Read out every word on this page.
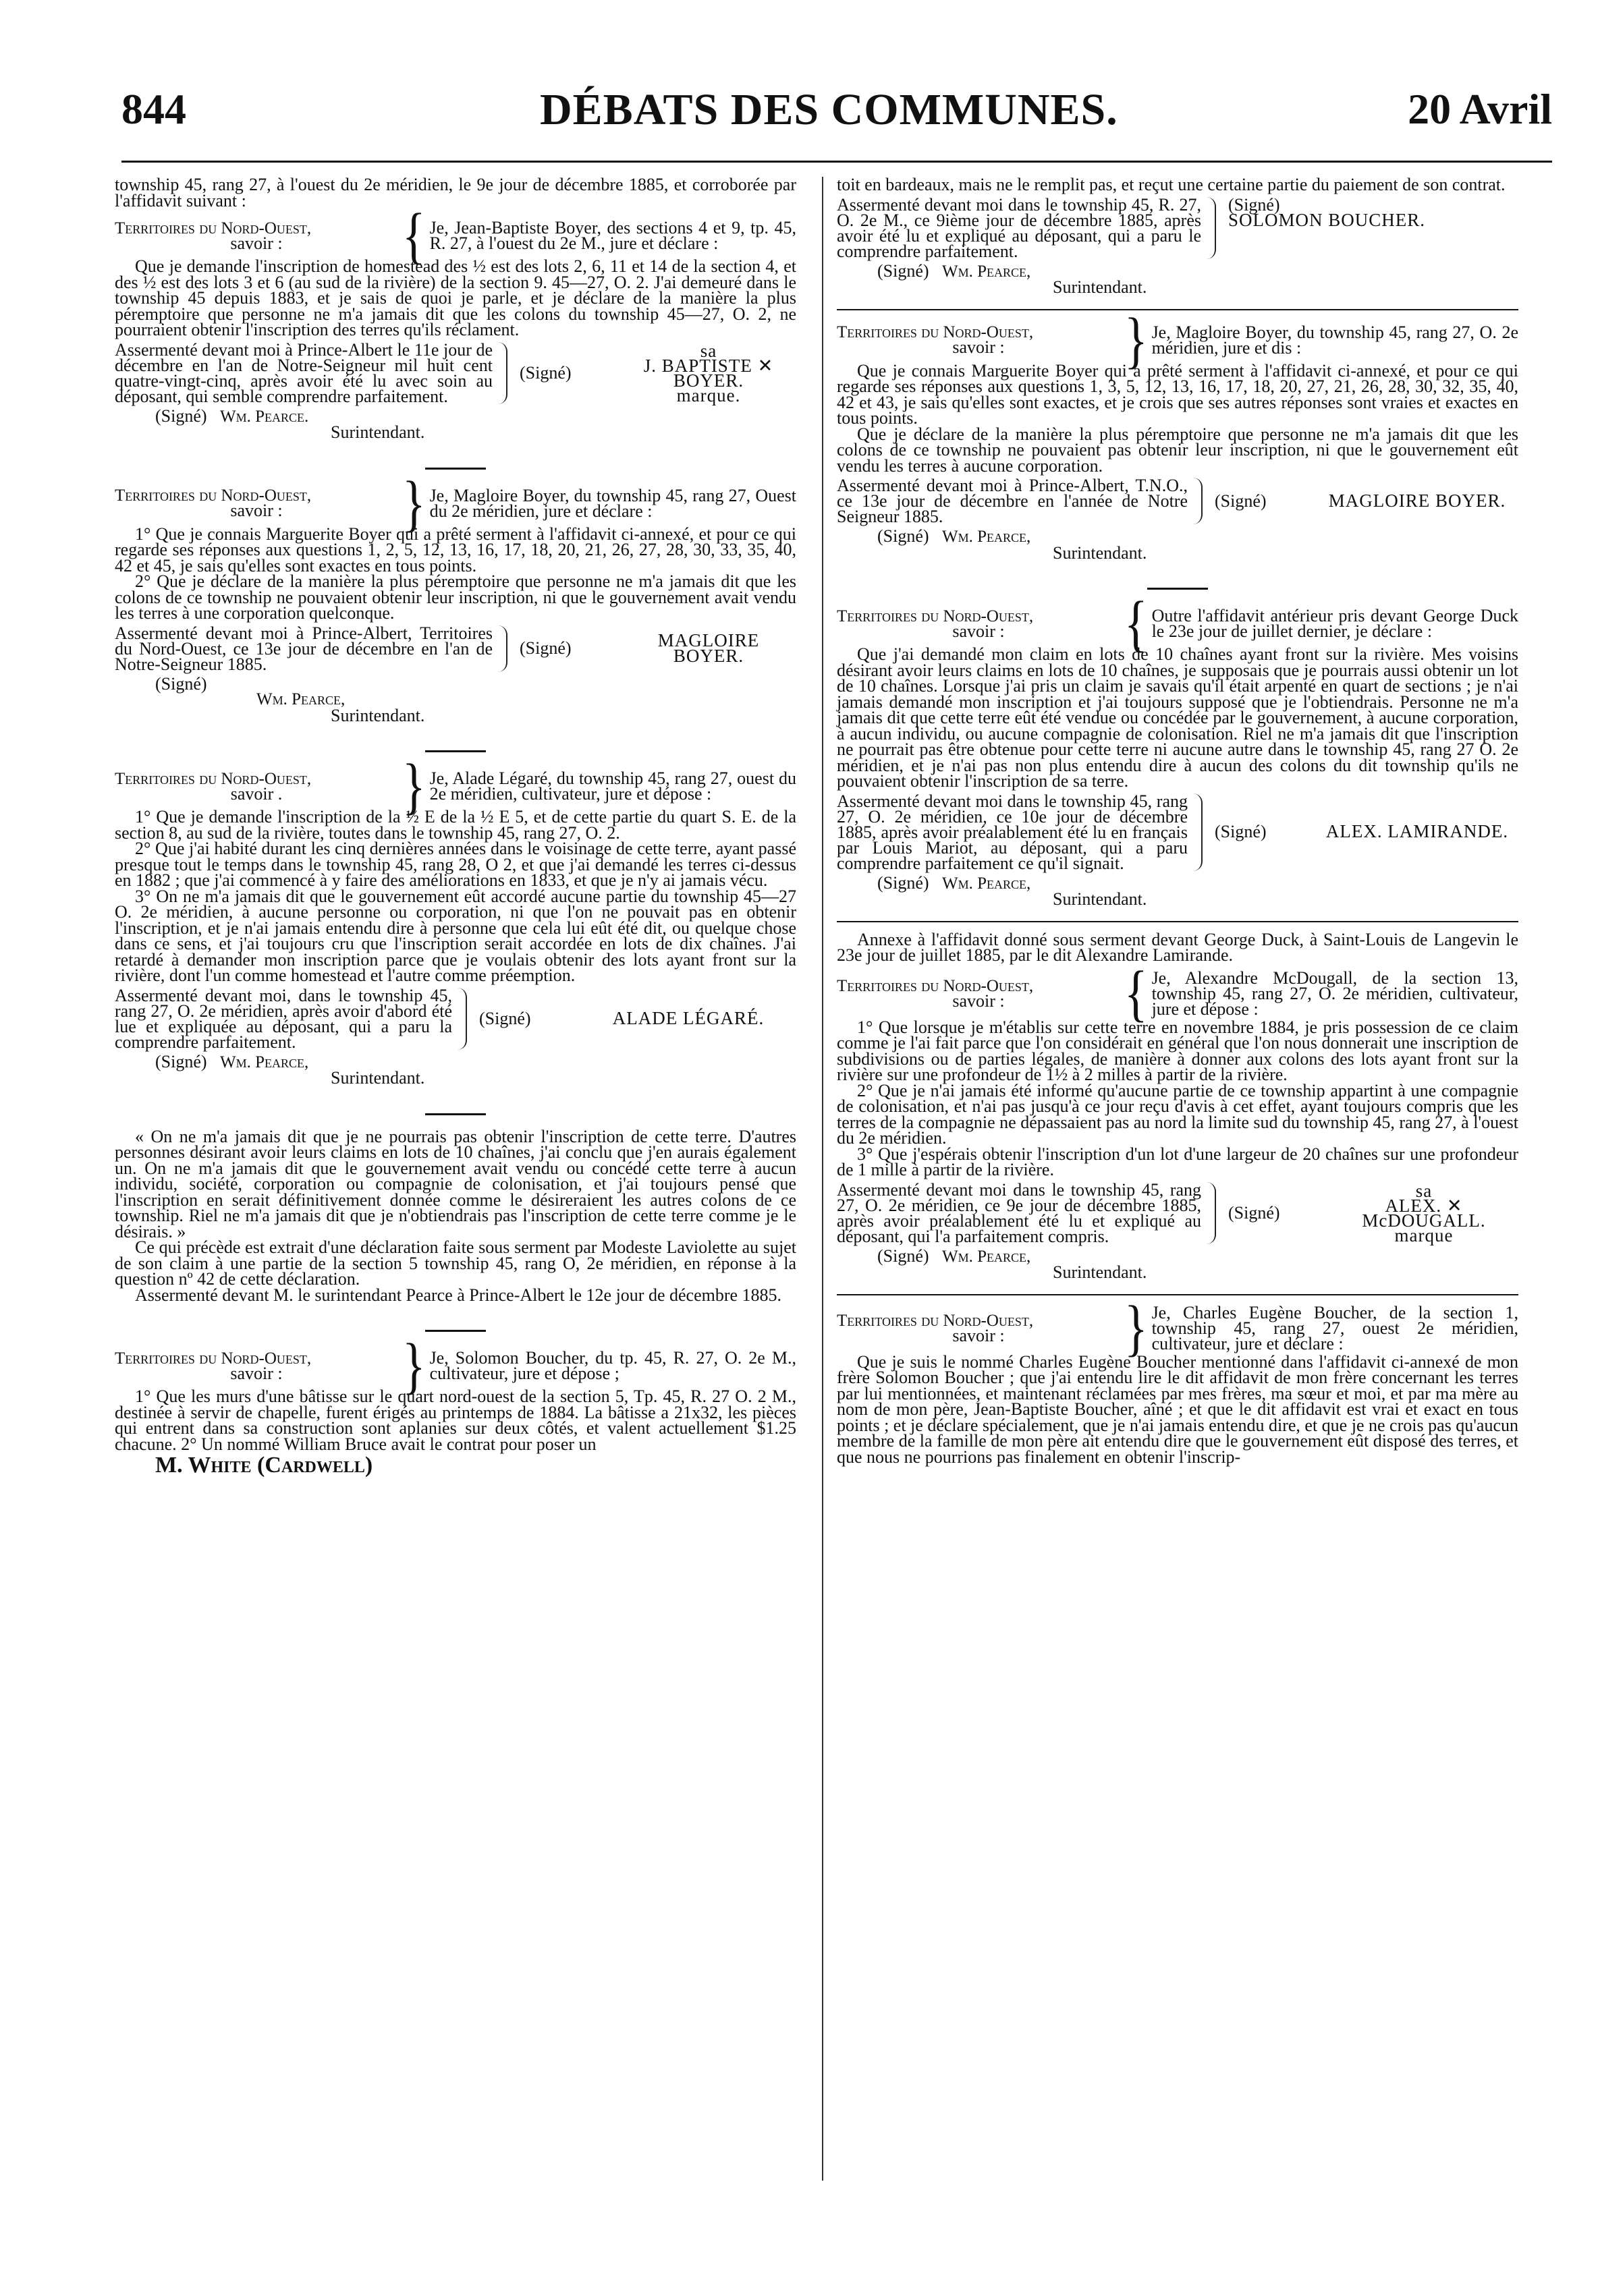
844	DÉBATS DES COMMUNES.	20 Avril

township 45, rang 27, à l'ouest du 2e méridien, le 9e jour de décembre 1885, et corroborée par l'affidavit suivant :

Territoires du Nord-Ouest,
savoir :	{ Je, Jean-Baptiste Boyer, des sections 4 et 9, tp. 45, R. 27, à l'ouest du 2e M., jure et déclare :

Que je demande l'inscription de homestead des ½ est des lots 2, 6, 11 et 14 de la section 4, et des ½ est des lots 3 et 6 (au sud de la rivière) de la section 9. 45—27, O. 2. J'ai demeuré dans le township 45 depuis 1883, et je sais de quoi je parle, et je déclare de la manière la plus péremptoire que personne ne m'a jamais dit que les colons du township 45—27, O. 2, ne pourraient obtenir l'inscription des terres qu'ils réclament.

Assermenté devant moi à Prince-Albert le 11e jour de décembre en l'an de Notre-Seigneur mil huit cent quatre-vingt-cinq, après avoir été lu avec soin au déposant, qui semble comprendre parfaitement.
(Signé)
sa
J. BAPTISTE ✕ BOYER.
marque.
(Signé) Wm. Pearce.
Surintendant.
Territoires du Nord-Ouest,
savoir :	} Je, Magloire Boyer, du township 45, rang 27, Ouest du 2e méridien, jure et déclare :

1° Que je connais Marguerite Boyer qui a prêté serment à l'affidavit ci-annexé, et pour ce qui regarde ses réponses aux questions 1, 2, 5, 12, 13, 16, 17, 18, 20, 21, 26, 27, 28, 30, 33, 35, 40, 42 et 45, je sais qu'elles sont exactes en tous points.

2° Que je déclare de la manière la plus péremptoire que personne ne m'a jamais dit que les colons de ce township ne pouvaient obtenir leur inscription, ni que le gouvernement avait vendu les terres à une corporation quelconque.

Assermenté devant moi à Prince-Albert, Territoires du Nord-Ouest, ce 13e jour de décembre en l'an de Notre-Seigneur 1885.
(Signé)	MAGLOIRE BOYER.
(Signé)
Wm. Pearce,
Surintendant.
Territoires du Nord-Ouest,
savoir .	} Je, Alade Légaré, du township 45, rang 27, ouest du 2e méridien, cultivateur, jure et dépose :

1° Que je demande l'inscription de la ½ E de la ½ E 5, et de cette partie du quart S. E. de la section 8, au sud de la rivière, toutes dans le township 45, rang 27, O. 2.

2° Que j'ai habité durant les cinq dernières années dans le voisinage de cette terre, ayant passé presque tout le temps dans le township 45, rang 28, O 2, et que j'ai demandé les terres ci-dessus en 1882 ; que j'ai commencé à y faire des améliorations en 1833, et que je n'y ai jamais vécu.

3° On ne m'a jamais dit que le gouvernement eût accordé aucune partie du township 45—27 O. 2e méridien, à aucune personne ou corporation, ni que l'on ne pouvait pas en obtenir l'inscription, et je n'ai jamais entendu dire à personne que cela lui eût été dit, ou quelque chose dans ce sens, et j'ai toujours cru que l'inscription serait accordée en lots de dix chaînes. J'ai retardé à demander mon inscription parce que je voulais obtenir des lots ayant front sur la rivière, dont l'un comme homestead et l'autre comme préemption.

Assermenté devant moi, dans le township 45, rang 27, O. 2e méridien, après avoir d'abord été lue et expliquée au déposant, qui a paru la comprendre parfaitement.
(Signé)	ALADE LÉGARÉ.
(Signé) Wm. Pearce,
Surintendant.

« On ne m'a jamais dit que je ne pourrais pas obtenir l'inscription de cette terre. D'autres personnes désirant avoir leurs claims en lots de 10 chaînes, j'ai conclu que j'en aurais également un. On ne m'a jamais dit que le gouvernement avait vendu ou concédé cette terre à aucun individu, société, corporation ou compagnie de colonisation, et j'ai toujours pensé que l'inscription en serait définitivement donnée comme le désireraient les autres colons de ce township. Riel ne m'a jamais dit que je n'obtiendrais pas l'inscription de cette terre comme je le désirais. »

Ce qui précède est extrait d'une déclaration faite sous serment par Modeste Laviolette au sujet de son claim à une partie de la section 5 township 45, rang O, 2e méridien, en réponse à la question nº 42 de cette déclaration.

Assermenté devant M. le surintendant Pearce à Prince-Albert le 12e jour de décembre 1885.

Territoires du Nord-Ouest,
savoir :	} Je, Solomon Boucher, du tp. 45, R. 27, O. 2e M., cultivateur, jure et dépose ;

1° Que les murs d'une bâtisse sur le quart nord-ouest de la section 5, Tp. 45, R. 27 O. 2 M., destinée à servir de chapelle, furent érigés au printemps de 1884. La bâtisse a 21x32, les pièces qui entrent dans sa construction sont aplanies sur deux côtés, et valent actuellement $1.25 chacune. 2° Un nommé William Bruce avait le contrat pour poser un

M. White (Cardwell)

toit en bardeaux, mais ne le remplit pas, et reçut une certaine partie du paiement de son contrat.

Assermenté devant moi dans le township 45, R. 27, O. 2e M., ce 9ième jour de décembre 1885, après avoir été lu et expliqué au déposant, qui a paru le comprendre parfaitement.
(Signé)
SOLOMON BOUCHER.
(Signé) Wm. Pearce,
Surintendant.
Territoires du Nord-Ouest,
savoir :	} Je, Magloire Boyer, du township 45, rang 27, O. 2e méridien, jure et dis :

Que je connais Marguerite Boyer qui a prêté serment à l'affidavit ci-annexé, et pour ce qui regarde ses réponses aux questions 1, 3, 5, 12, 13, 16, 17, 18, 20, 27, 21, 26, 28, 30, 32, 35, 40, 42 et 43, je sais qu'elles sont exactes, et je crois que ses autres réponses sont vraies et exactes en tous points.

Que je déclare de la manière la plus péremptoire que personne ne m'a jamais dit que les colons de ce township ne pouvaient pas obtenir leur inscription, ni que le gouvernement eût vendu les terres à aucune corporation.

Assermenté devant moi à Prince-Albert, T.N.O., ce 13e jour de décembre en l'année de Notre Seigneur 1885.
(Signé)	MAGLOIRE BOYER.
(Signé) Wm. Pearce,
Surintendant.
Territoires du Nord-Ouest,
savoir :	{ Outre l'affidavit antérieur pris devant George Duck le 23e jour de juillet dernier, je déclare :

Que j'ai demandé mon claim en lots de 10 chaînes ayant front sur la rivière. Mes voisins désirant avoir leurs claims en lots de 10 chaînes, je supposais que je pourrais aussi obtenir un lot de 10 chaînes. Lorsque j'ai pris un claim je savais qu'il était arpenté en quart de sections ; je n'ai jamais demandé mon inscription et j'ai toujours supposé que je l'obtiendrais. Personne ne m'a jamais dit que cette terre eût été vendue ou concédée par le gouvernement, à aucune corporation, à aucun individu, ou aucune compagnie de colonisation. Riel ne m'a jamais dit que l'inscription ne pourrait pas être obtenue pour cette terre ni aucune autre dans le township 45, rang 27 O. 2e méridien, et je n'ai pas non plus entendu dire à aucun des colons du dit township qu'ils ne pouvaient obtenir l'inscription de sa terre.

Assermenté devant moi dans le township 45, rang 27, O. 2e méridien, ce 10e jour de décembre 1885, après avoir préalablement été lu en français par Louis Mariot, au déposant, qui a paru comprendre parfaitement ce qu'il signait.
(Signé)	ALEX. LAMIRANDE.
(Signé) Wm. Pearce,
Surintendant.

Annexe à l'affidavit donné sous serment devant George Duck, à Saint-Louis de Langevin le 23e jour de juillet 1885, par le dit Alexandre Lamirande.

Territoires du Nord-Ouest,
savoir :	{ Je, Alexandre McDougall, de la section 13, township 45, rang 27, O. 2e méridien, cultivateur, jure et dépose :

1° Que lorsque je m'établis sur cette terre en novembre 1884, je pris possession de ce claim comme je l'ai fait parce que l'on considérait en général que l'on nous donnerait une inscription de subdivisions ou de parties légales, de manière à donner aux colons des lots ayant front sur la rivière sur une profondeur de 1½ à 2 milles à partir de la rivière.

2° Que je n'ai jamais été informé qu'aucune partie de ce township appartint à une compagnie de colonisation, et n'ai pas jusqu'à ce jour reçu d'avis à cet effet, ayant toujours compris que les terres de la compagnie ne dépassaient pas au nord la limite sud du township 45, rang 27, à l'ouest du 2e méridien.

3° Que j'espérais obtenir l'inscription d'un lot d'une largeur de 20 chaînes sur une profondeur de 1 mille à partir de la rivière.

Assermenté devant moi dans le township 45, rang 27, O. 2e méridien, ce 9e jour de décembre 1885, après avoir préalablement été lu et expliqué au déposant, qui l'a parfaitement compris.
(Signé)
sa
ALEX. ✕ McDOUGALL.
marque
(Signé) Wm. Pearce,
Surintendant.
Territoires du Nord-Ouest,
savoir :	} Je, Charles Eugène Boucher, de la section 1, township 45, rang 27, ouest 2e méridien, cultivateur, jure et déclare :

Que je suis le nommé Charles Eugène Boucher mentionné dans l'affidavit ci-annexé de mon frère Solomon Boucher ; que j'ai entendu lire le dit affidavit de mon frère concernant les terres par lui mentionnées, et maintenant réclamées par mes frères, ma sœur et moi, et par ma mère au nom de mon père, Jean-Baptiste Boucher, aîné ; et que le dit affidavit est vrai et exact en tous points ; et je déclare spécialement, que je n'ai jamais entendu dire, et que je ne crois pas qu'aucun membre de la famille de mon père ait entendu dire que le gouvernement eût disposé des terres, et que nous ne pourrions pas finalement en obtenir l'inscrip-
